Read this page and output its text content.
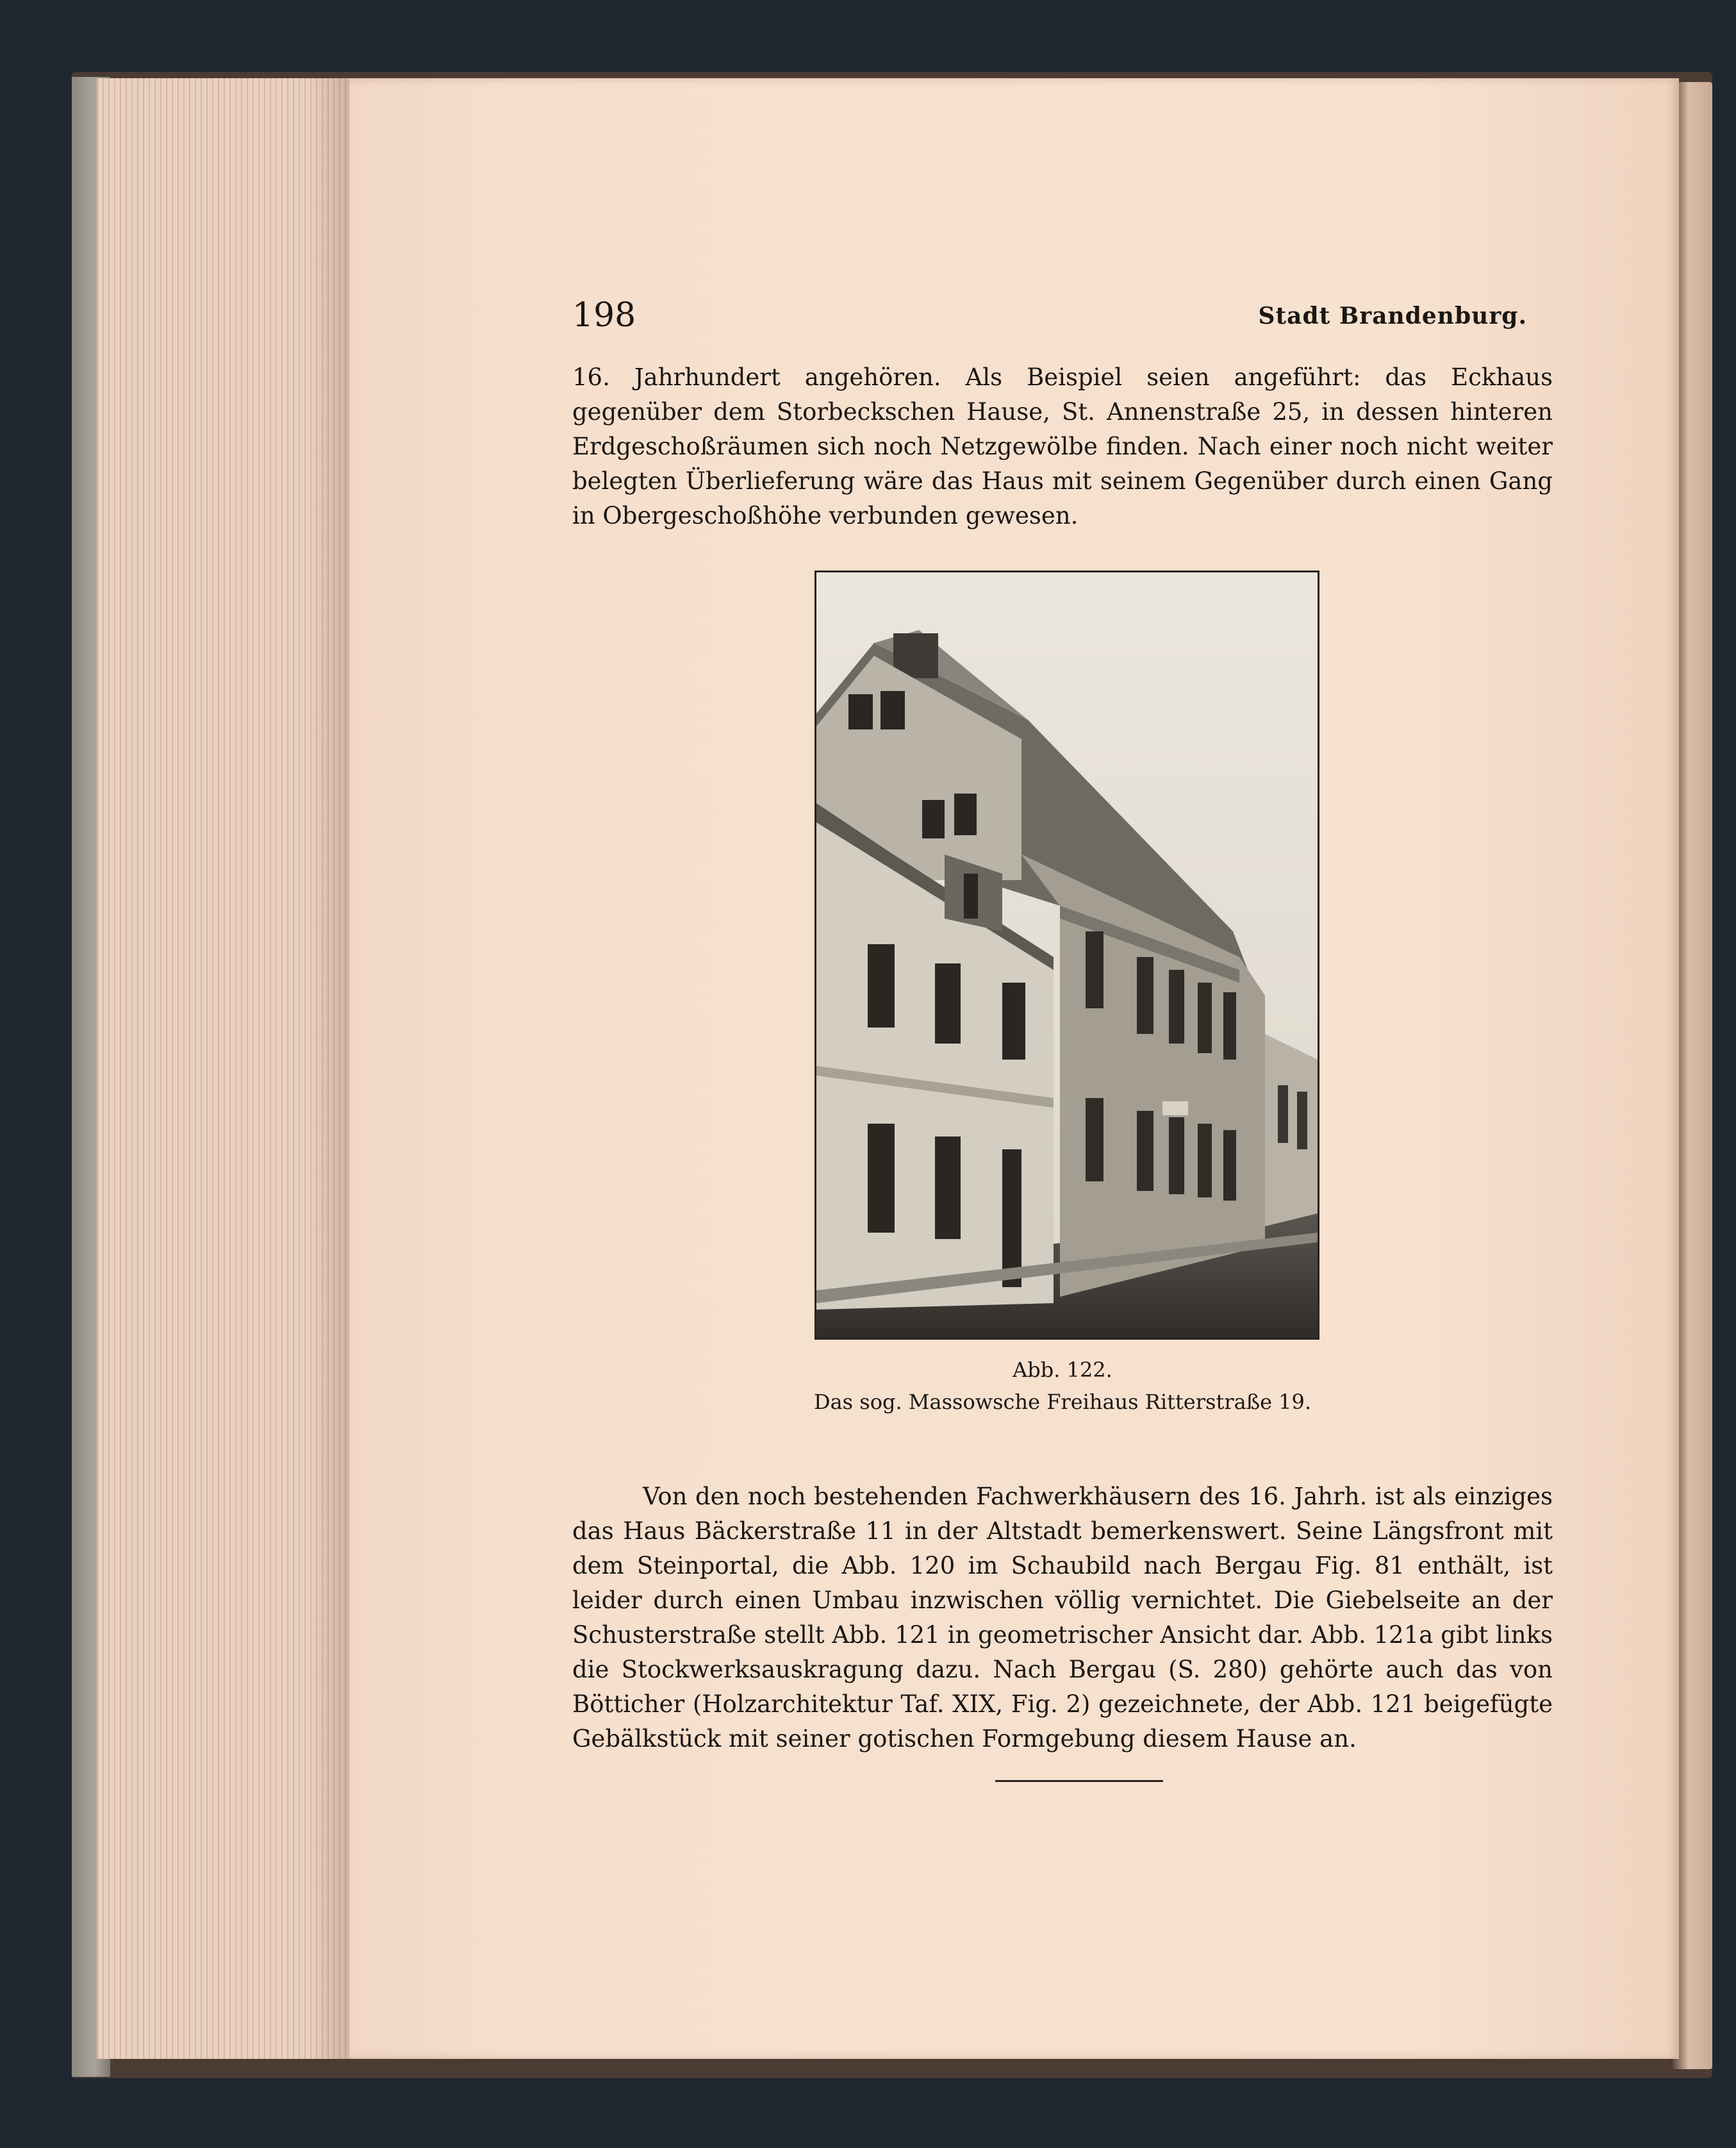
198	Stadt Brandenburg.

16. Jahrhundert angehören. Als Beispiel seien angeführt: das Eckhaus gegenüber dem Storbeckschen Hause, St. Annenstraße 25, in dessen hinteren Erdgeschoßräumen sich noch Netzgewölbe finden. Nach einer noch nicht weiter belegten Überlieferung wäre das Haus mit seinem Gegenüber durch einen Gang in Obergeschoßhöhe verbunden gewesen.

Abb. 122.

Das sog. Massowsche Freihaus Ritterstraße 19.

Von den noch bestehenden Fachwerkhäusern des 16. Jahrh. ist als einziges das Haus Bäckerstraße 11 in der Altstadt bemerkenswert. Seine Längsfront mit dem Steinportal, die Abb. 120 im Schaubild nach Bergau Fig. 81 enthält, ist leider durch einen Umbau inzwischen völlig vernichtet. Die Giebelseite an der Schusterstraße stellt Abb. 121 in geometrischer Ansicht dar. Abb. 121a gibt links die Stockwerksauskragung dazu. Nach Bergau (S. 280) gehörte auch das von Bötticher (Holzarchitektur Taf. XIX, Fig. 2) gezeichnete, der Abb. 121 beigefügte Gebälkstück mit seiner gotischen Formgebung diesem Hause an.
